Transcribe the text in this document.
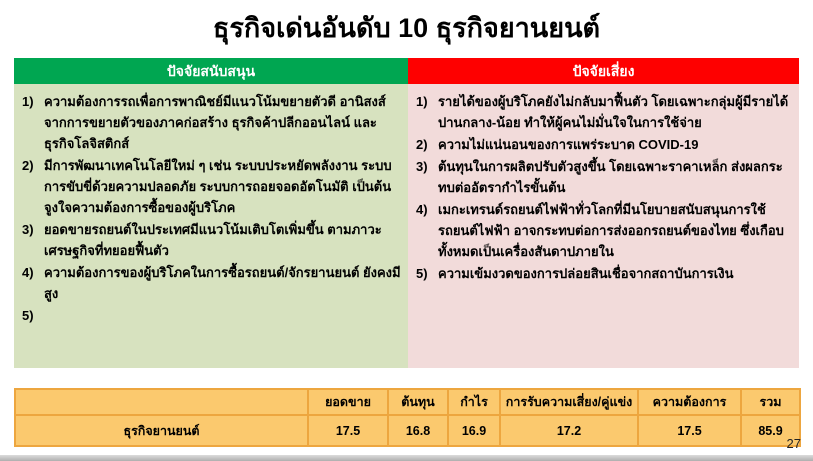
ธุรกิจเด่นอันดับ 10 ธุรกิจยานยนต์
ปัจจัยสนับสนุน
1) ความต้องการรถเพื่อการพาณิชย์มีแนวโน้มขยายตัวดี อานิสงส์จากการขยายตัวของภาคก่อสร้าง ธุรกิจค้าปลีกออนไลน์ และธุรกิจโลจิสติกส์
2) มีการพัฒนาเทคโนโลยีใหม่ ๆ เช่น ระบบประหยัดพลังงาน ระบบการขับขี่ด้วยความปลอดภัย ระบบการถอยจอดอัตโนมัติ เป็นต้น จูงใจความต้องการซื้อของผู้บริโภค
3) ยอดขายรถยนต์ในประเทศมีแนวโน้มเติบโตเพิ่มขึ้น ตามภาวะเศรษฐกิจที่ทยอยฟื้นตัว
4) ความต้องการของผู้บริโภคในการซื้อรถยนต์/จักรยานยนต์ ยังคงมีสูง
5)
ปัจจัยเสี่ยง
1) รายได้ของผู้บริโภคยังไม่กลับมาฟื้นตัว โดยเฉพาะกลุ่มผู้มีรายได้ปานกลาง-น้อย ทำให้ผู้คนไม่มั่นใจในการใช้จ่าย
2) ความไม่แน่นอนของการแพร่ระบาด COVID-19
3) ต้นทุนในการผลิตปรับตัวสูงขึ้น โดยเฉพาะราคาเหล็ก ส่งผลกระทบต่ออัตรากำไรขั้นต้น
4) เมกะเทรนด์รถยนต์ไฟฟ้าทั่วโลกที่มีนโยบายสนับสนุนการใช้รถยนต์ไฟฟ้า อาจกระทบต่อการส่งออกรถยนต์ของไทย ซึ่งเกือบทั้งหมดเป็นเครื่องสันดาปภายใน
5) ความเข้มงวดของการปล่อยสินเชื่อจากสถาบันการเงิน
	ยอดขาย	ต้นทุน	กำไร	การรับความเสี่ยง/คู่แข่ง	ความต้องการ	รวม
ธุรกิจยานยนต์	17.5	16.8	16.9	17.2	17.5	85.9
27
